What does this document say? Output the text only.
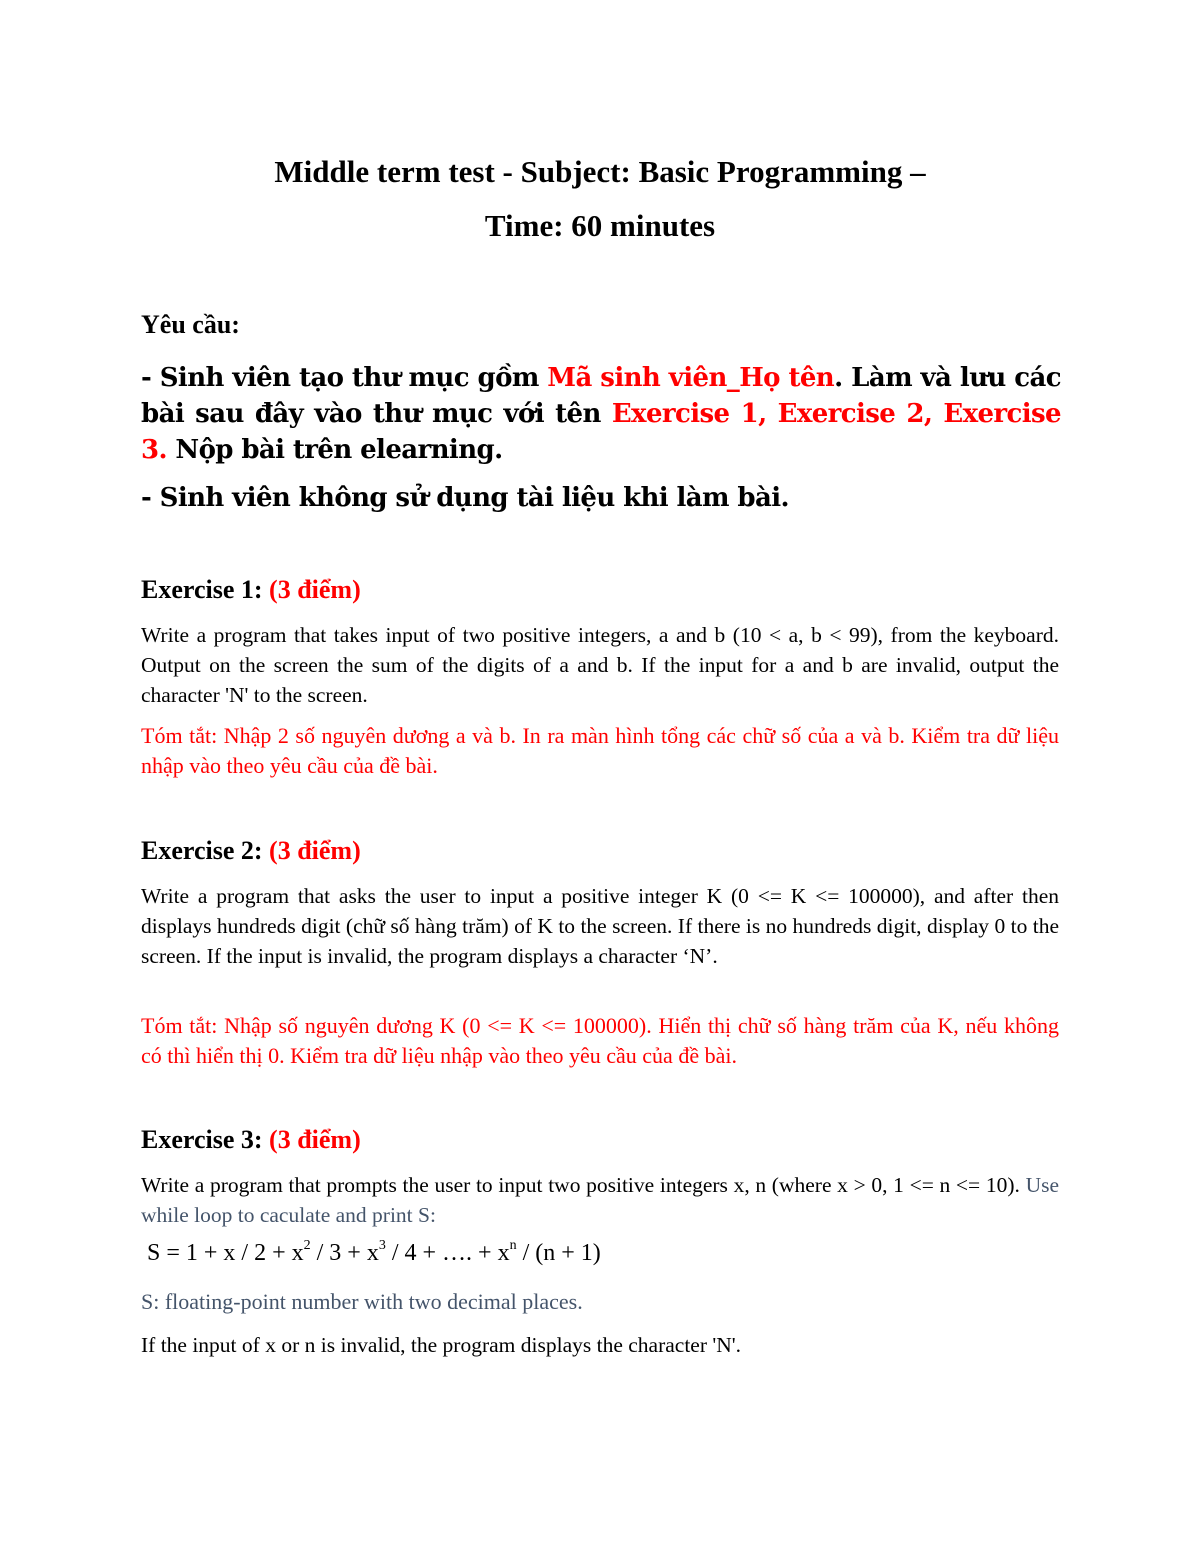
Middle term test - Subject: Basic Programming –
Time: 60 minutes
Yêu cầu:
- Sinh viên tạo thư mục gồm Mã sinh viên_Họ tên. Làm và lưu các bài sau đây vào thư mục với tên Exercise 1, Exercise 2, Exercise 3. Nộp bài trên elearning.
- Sinh viên không sử dụng tài liệu khi làm bài.
Exercise 1: (3 điểm)
Write a program that takes input of two positive integers, a and b (10 < a, b < 99), from the keyboard. Output on the screen the sum of the digits of a and b. If the input for a and b are invalid, output the character 'N' to the screen.
Tóm tắt: Nhập 2 số nguyên dương a và b. In ra màn hình tổng các chữ số của a và b. Kiểm tra dữ liệu nhập vào theo yêu cầu của đề bài.
Exercise 2: (3 điểm)
Write a program that asks the user to input a positive integer K (0 <= K <= 100000), and after then displays hundreds digit (chữ số hàng trăm) of K to the screen. If there is no hundreds digit, display 0 to the screen. If the input is invalid, the program displays a character ‘N’.
Tóm tắt: Nhập số nguyên dương K (0 <= K <= 100000). Hiển thị chữ số hàng trăm của K, nếu không có thì hiển thị 0. Kiểm tra dữ liệu nhập vào theo yêu cầu của đề bài.
Exercise 3: (3 điểm)
Write a program that prompts the user to input two positive integers x, n (where x > 0, 1 <= n <= 10). Use while loop to caculate and print S:
$S = 1 + x / 2 + x^2 / 3 + x^3 / 4$ + …. + $x^n / (n + 1)$
S: floating-point number with two decimal places.
If the input of x or n is invalid, the program displays the character 'N'.
